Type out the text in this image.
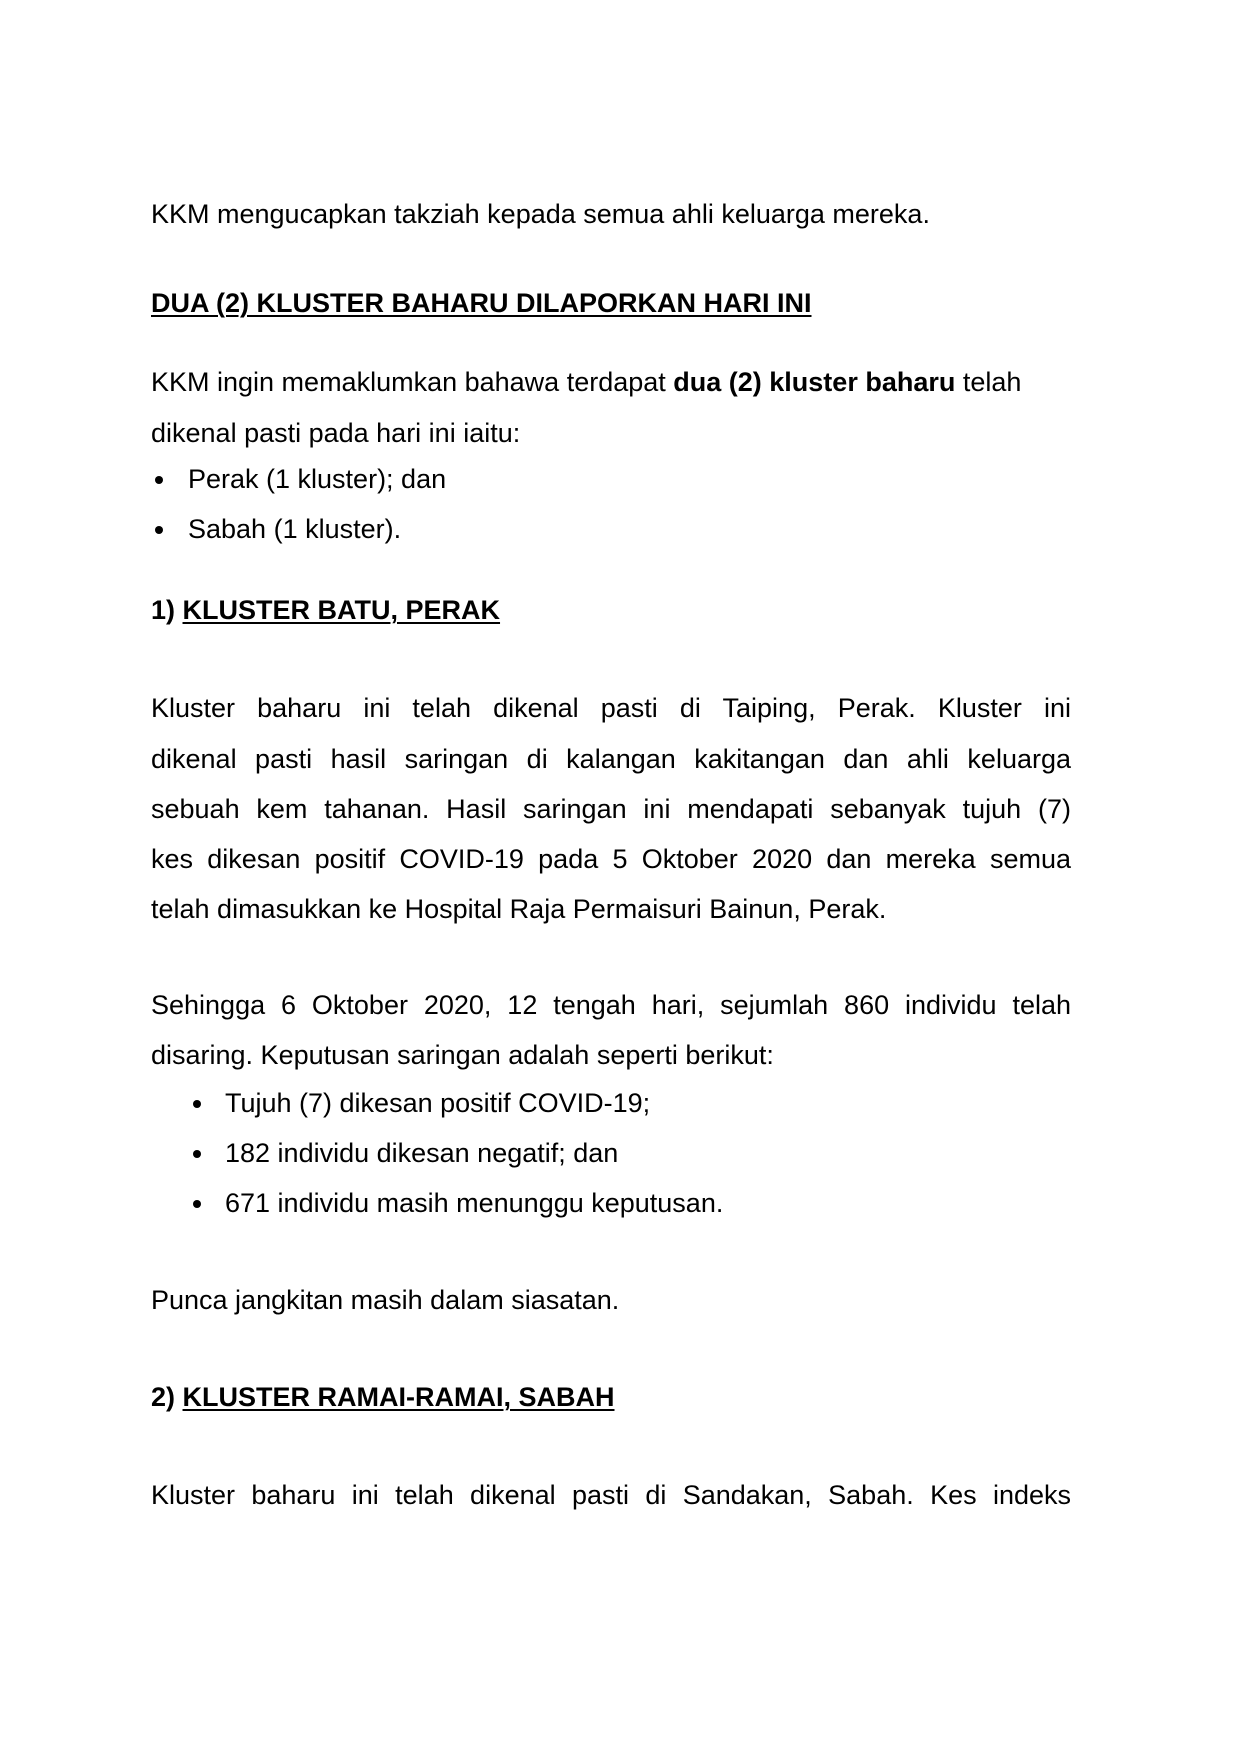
KKM mengucapkan takziah kepada semua ahli keluarga mereka.
DUA (2) KLUSTER BAHARU DILAPORKAN HARI INI
KKM ingin memaklumkan bahawa terdapat dua (2) kluster baharu telah
dikenal pasti pada hari ini iaitu:
Perak (1 kluster); dan
Sabah (1 kluster).
1) KLUSTER BATU, PERAK
Kluster baharu ini telah dikenal pasti di Taiping, Perak. Kluster ini
dikenal pasti hasil saringan di kalangan kakitangan dan ahli keluarga
sebuah kem tahanan. Hasil saringan ini mendapati sebanyak tujuh (7)
kes dikesan positif COVID-19 pada 5 Oktober 2020 dan mereka semua
telah dimasukkan ke Hospital Raja Permaisuri Bainun, Perak.
Sehingga 6 Oktober 2020, 12 tengah hari, sejumlah 860 individu telah
disaring. Keputusan saringan adalah seperti berikut:
Tujuh (7) dikesan positif COVID-19;
182 individu dikesan negatif; dan
671 individu masih menunggu keputusan.
Punca jangkitan masih dalam siasatan.
2) KLUSTER RAMAI-RAMAI, SABAH
Kluster baharu ini telah dikenal pasti di Sandakan, Sabah. Kes indeks
